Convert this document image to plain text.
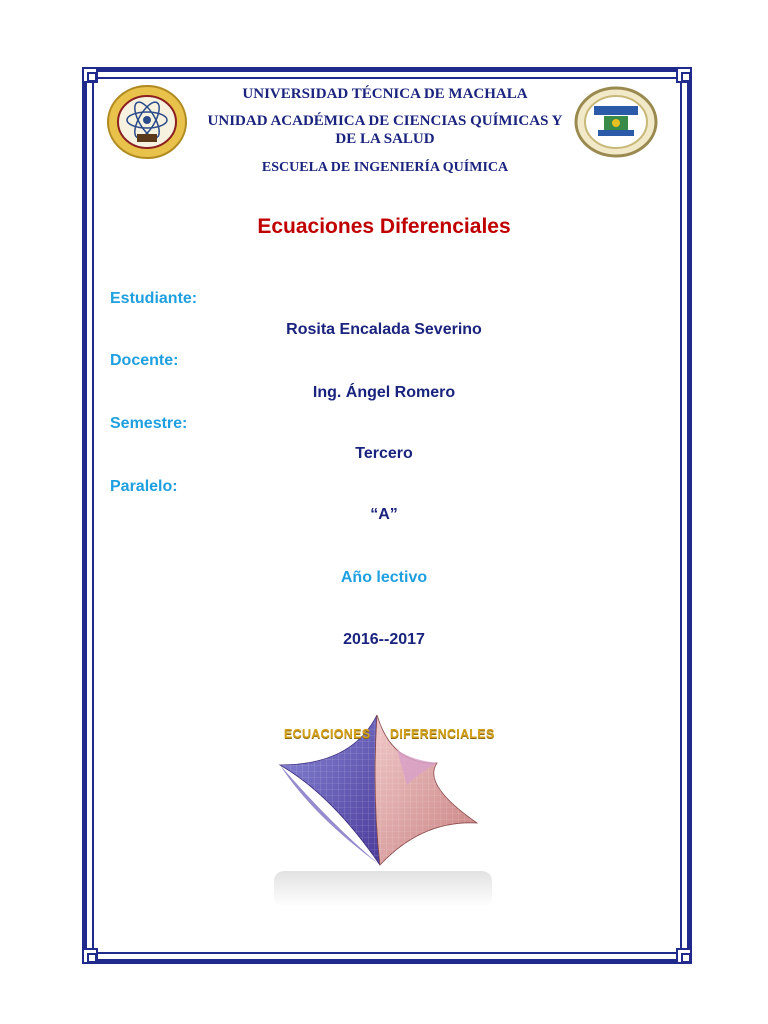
UNIVERSIDAD TÉCNICA DE MACHALA
UNIDAD ACADÉMICA DE CIENCIAS QUÍMICAS Y
DE LA SALUD
ESCUELA DE INGENIERÍA QUÍMICA
Ecuaciones Diferenciales
Estudiante:
Rosita Encalada Severino
Docente:
Ing. Ángel Romero
Semestre:
Tercero
Paralelo:
“A”
Año lectivo
2016--2017
ECUACIONES DIFERENCIALES
